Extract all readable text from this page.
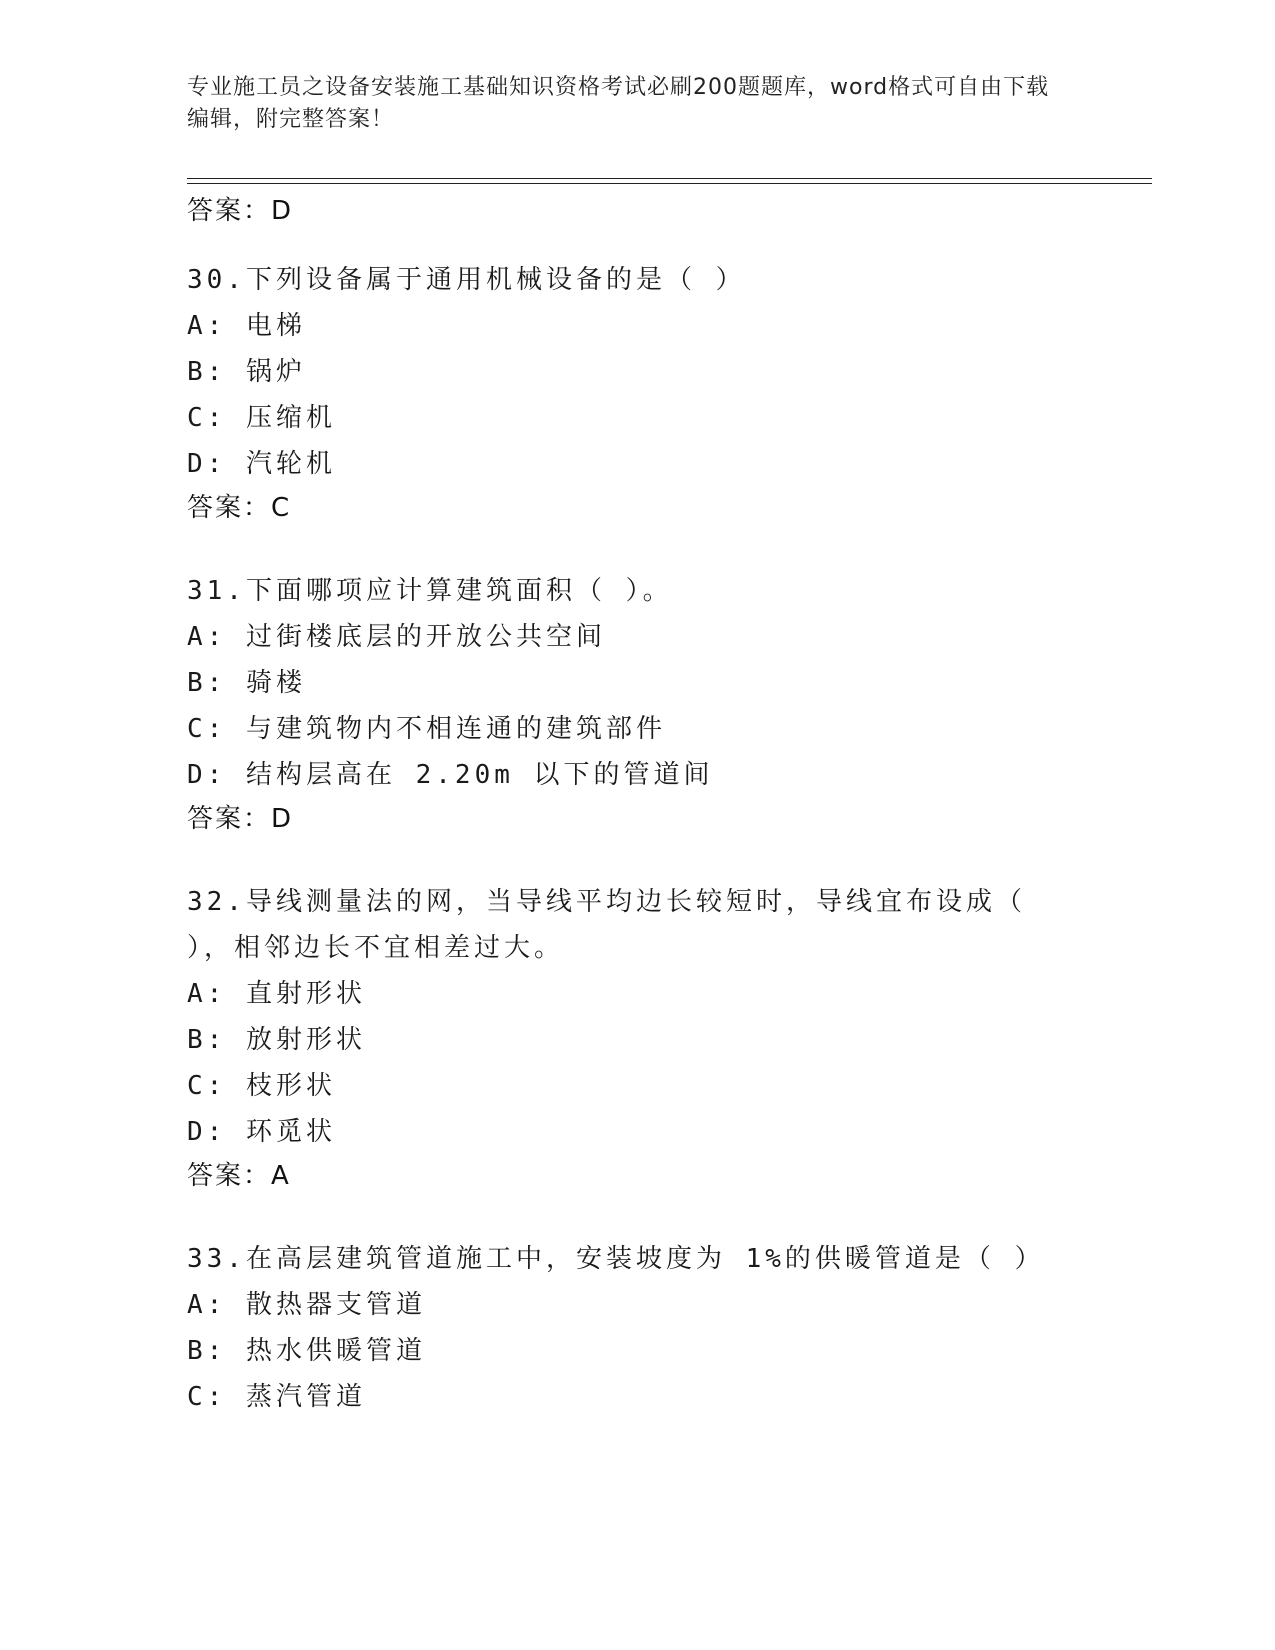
专业施工员之设备安装施工基础知识资格考试必刷200题题库，word格式可自由下载编辑，附完整答案！
答案：D
30.下列设备属于通用机械设备的是（ ）
A: 电梯
B: 锅炉
C: 压缩机
D: 汽轮机
答案：C
31.下面哪项应计算建筑面积（ ）。
A: 过街楼底层的开放公共空间
B: 骑楼
C: 与建筑物内不相连通的建筑部件
D: 结构层高在 2.20m 以下的管道间
答案：D
32.导线测量法的网，当导线平均边长较短时，导线宜布设成（ ），相邻边长不宜相差过大。
A: 直射形状
B: 放射形状
C: 枝形状
D: 环觅状
答案：A
33.在高层建筑管道施工中，安装坡度为 1%的供暖管道是（ ）
A: 散热器支管道
B: 热水供暖管道
C: 蒸汽管道
